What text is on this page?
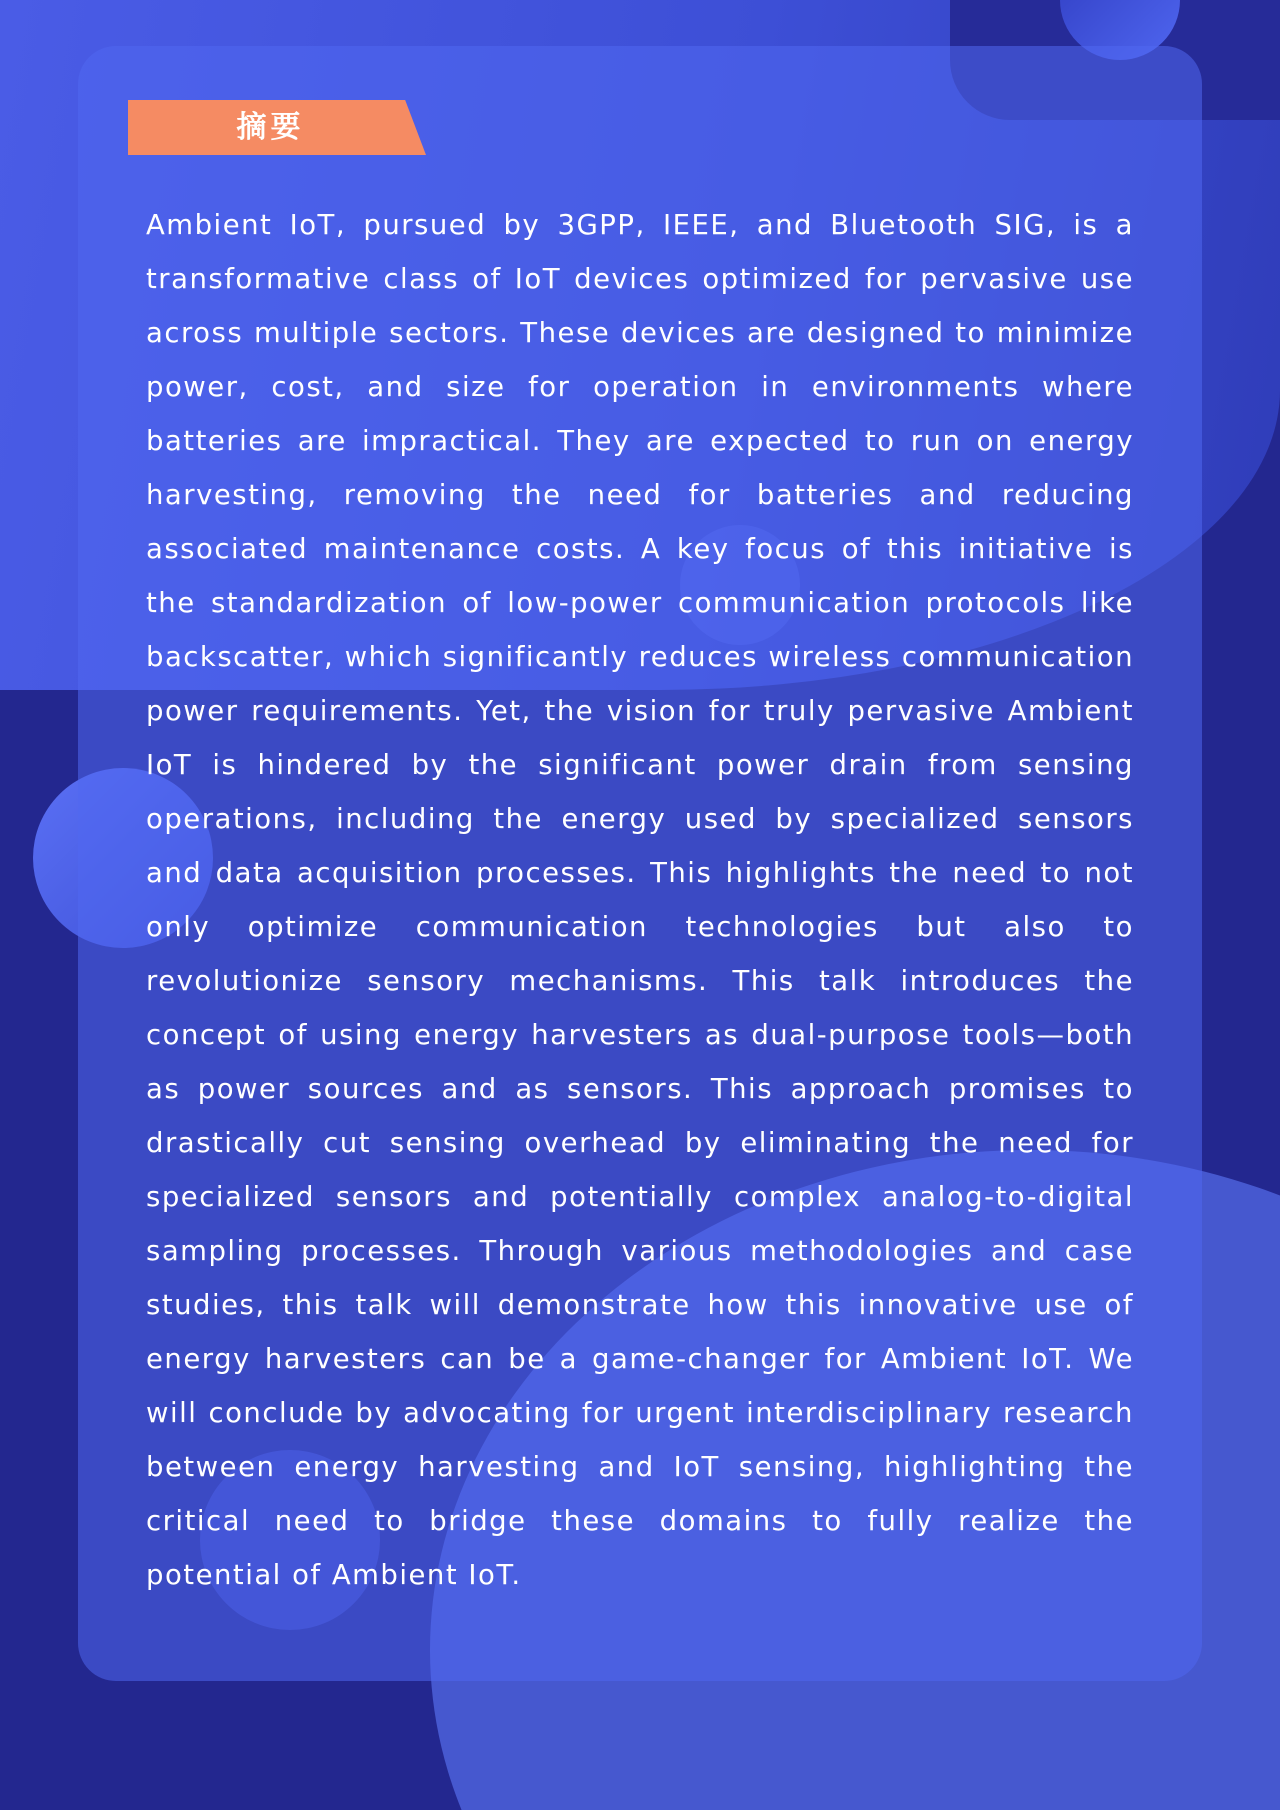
摘要

Ambient IoT, pursued by 3GPP, IEEE, and Bluetooth SIG, is a transformative class of IoT devices optimized for pervasive use across multiple sectors. These devices are designed to minimize power, cost, and size for operation in environments where batteries are impractical. They are expected to run on energy harvesting, removing the need for batteries and reducing associated maintenance costs. A key focus of this initiative is the standardization of low-power communication protocols like backscatter, which significantly reduces wireless communication power requirements. Yet, the vision for truly pervasive Ambient IoT is hindered by the significant power drain from sensing operations, including the energy used by specialized sensors and data acquisition processes. This highlights the need to not only optimize communication technologies but also to revolutionize sensory mechanisms. This talk introduces the concept of using energy harvesters as dual-purpose tools—both as power sources and as sensors. This approach promises to drastically cut sensing overhead by eliminating the need for specialized sensors and potentially complex analog-to-digital sampling processes. Through various methodologies and case studies, this talk will demonstrate how this innovative use of energy harvesters can be a game-changer for Ambient IoT. We will conclude by advocating for urgent interdisciplinary research between energy harvesting and IoT sensing, highlighting the critical need to bridge these domains to fully realize the potential of Ambient IoT.
